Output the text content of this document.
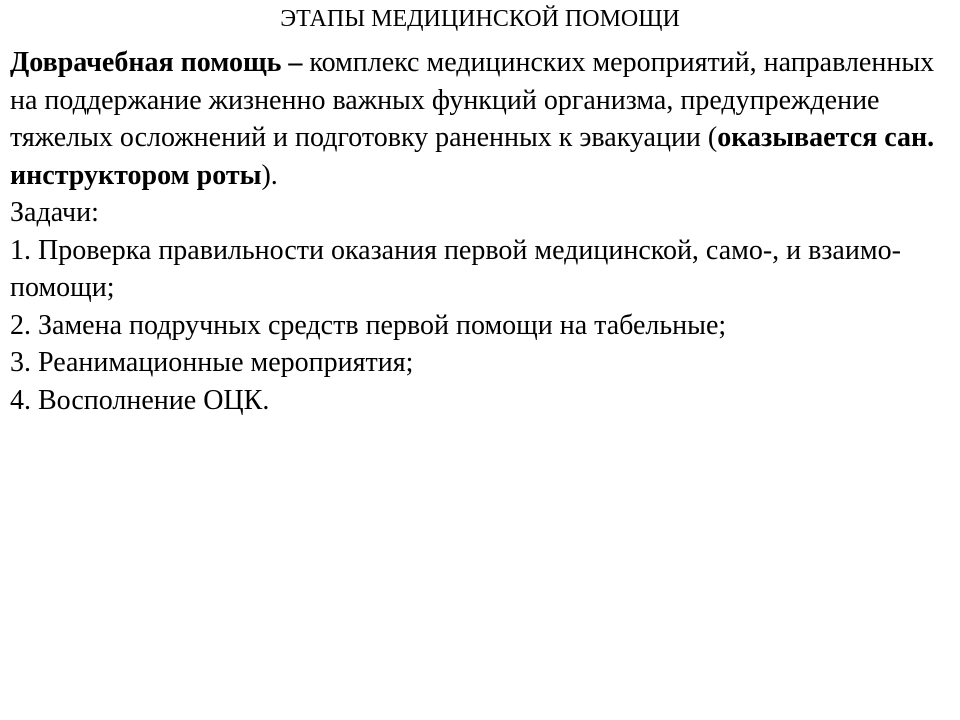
ЭТАПЫ МЕДИЦИНСКОЙ ПОМОЩИ

Доврачебная помощь – комплекс медицинских мероприятий, направленных на поддержание жизненно важных функций организма, предупреждение тяжелых осложнений и подготовку раненных к эвакуации (оказывается сан. инструктором роты).

Задачи:

1. Проверка правильности оказания первой медицинской, само-, и взаимо- помощи;

2. Замена подручных средств первой помощи на табельные;

3. Реанимационные мероприятия;

4. Восполнение ОЦК.
